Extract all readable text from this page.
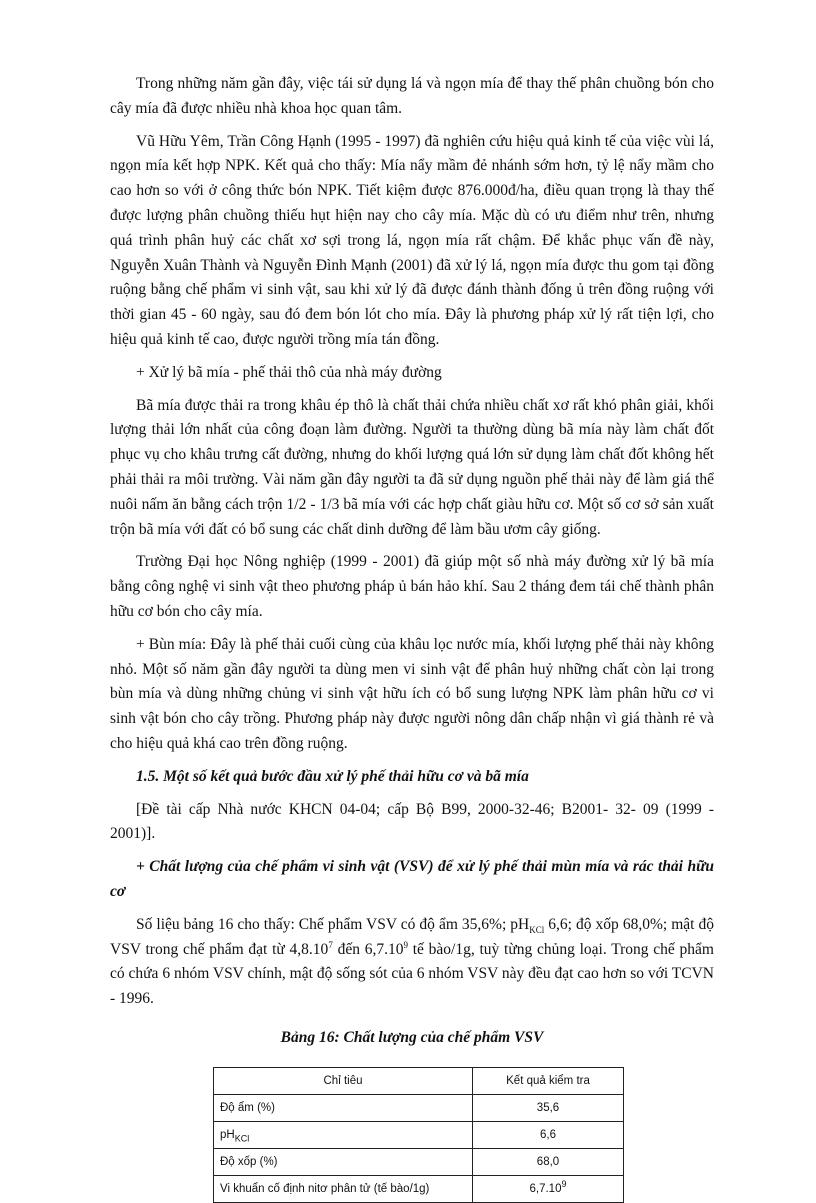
Trong những năm gần đây, việc tái sử dụng lá và ngọn mía để thay thế phân chuồng bón cho cây mía đã được nhiều nhà khoa học quan tâm.

Vũ Hữu Yêm, Trần Công Hạnh (1995 - 1997) đã nghiên cứu hiệu quả kinh tế của việc vùi lá, ngọn mía kết hợp NPK. Kết quả cho thấy: Mía nẩy mầm đẻ nhánh sớm hơn, tỷ lệ nẩy mầm cho cao hơn so với ở công thức bón NPK. Tiết kiệm được 876.000đ/ha, điều quan trọng là thay thế được lượng phân chuồng thiếu hụt hiện nay cho cây mía. Mặc dù có ưu điểm như trên, nhưng quá trình phân huỷ các chất xơ sợi trong lá, ngọn mía rất chậm. Để khắc phục vấn đề này, Nguyễn Xuân Thành và Nguyễn Đình Mạnh (2001) đã xử lý lá, ngọn mía được thu gom tại đồng ruộng bằng chế phẩm vi sinh vật, sau khi xử lý đã được đánh thành đống ủ trên đồng ruộng với thời gian 45 - 60 ngày, sau đó đem bón lót cho mía. Đây là phương pháp xử lý rất tiện lợi, cho hiệu quả kinh tế cao, được người trồng mía tán đồng.

+ Xử lý bã mía - phế thải thô của nhà máy đường

Bã mía được thải ra trong khâu ép thô là chất thải chứa nhiều chất xơ rất khó phân giải, khối lượng thải lớn nhất của công đoạn làm đường. Người ta thường dùng bã mía này làm chất đốt phục vụ cho khâu trưng cất đường, nhưng do khối lượng quá lớn sử dụng làm chất đốt không hết phải thải ra môi trường. Vài năm gần đây người ta đã sử dụng nguồn phế thải này để làm giá thể nuôi nấm ăn bằng cách trộn 1/2 - 1/3 bã mía với các hợp chất giàu hữu cơ. Một số cơ sở sản xuất trộn bã mía với đất có bổ sung các chất dinh dưỡng để làm bầu ươm cây giống.

Trường Đại học Nông nghiệp (1999 - 2001) đã giúp một số nhà máy đường xử lý bã mía bằng công nghệ vi sinh vật theo phương pháp ủ bán hảo khí. Sau 2 tháng đem tái chế thành phân hữu cơ bón cho cây mía.

+ Bùn mía: Đây là phế thải cuối cùng của khâu lọc nước mía, khối lượng phế thải này không nhỏ. Một số năm gần đây người ta dùng men vi sinh vật để phân huỷ những chất còn lại trong bùn mía và dùng những chủng vi sinh vật hữu ích có bổ sung lượng NPK làm phân hữu cơ vi sinh vật bón cho cây trồng. Phương pháp này được người nông dân chấp nhận vì giá thành rẻ và cho hiệu quả khá cao trên đồng ruộng.

1.5. Một số kết quả bước đầu xử lý phế thải hữu cơ và bã mía

[Đề tài cấp Nhà nước KHCN 04-04; cấp Bộ B99, 2000-32-46; B2001- 32- 09 (1999 - 2001)].

+ Chất lượng của chế phẩm vi sinh vật (VSV) để xử lý phế thải mùn mía và rác thải hữu cơ

Số liệu bảng 16 cho thấy: Chế phẩm VSV có độ ẩm 35,6%; $pH_{KCl}$ 6,6; độ xốp 68,0%; mật độ VSV trong chế phẩm đạt từ 4,8.10$^7$ đến 6,7.10$^9$ tế bào/1g, tuỳ từng chủng loại. Trong chế phẩm có chứa 6 nhóm VSV chính, mật độ sống sót của 6 nhóm VSV này đều đạt cao hơn so với TCVN - 1996.

Bảng 16: Chất lượng của chế phẩm VSV

Chỉ tiêu	Kết quả kiểm tra
Độ ẩm (%)	35,6
$pH_{KCl}$	6,6
Độ xốp (%)	68,0
Vi khuẩn cố định nitơ phân tử (tế bào/1g)	6,7.10$^9$
